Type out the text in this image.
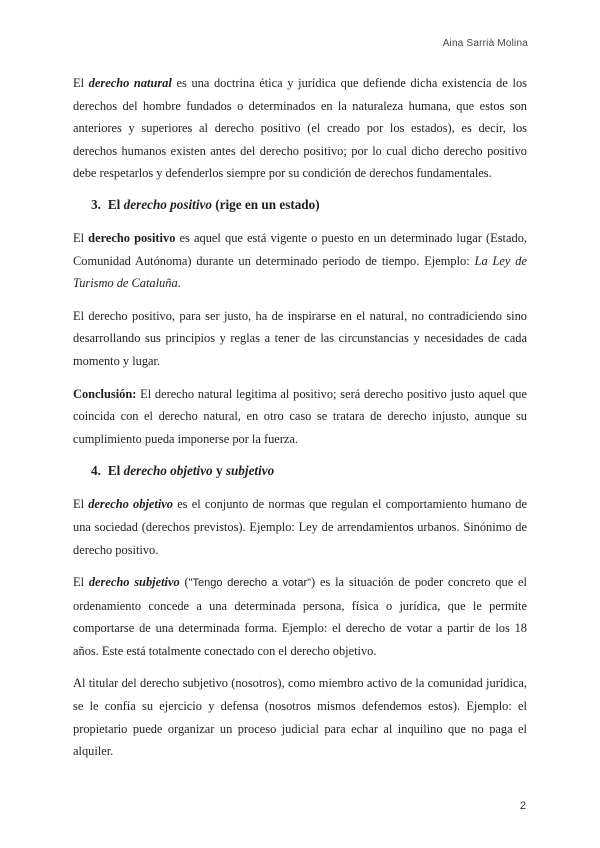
Aina Sarrià Molina

El derecho natural es una doctrina ética y jurídica que defiende dicha existencia de los derechos del hombre fundados o determinados en la naturaleza humana, que estos son anteriores y superiores al derecho positivo (el creado por los estados), es decir, los derechos humanos existen antes del derecho positivo; por lo cual dicho derecho positivo debe respetarlos y defenderlos siempre por su condición de derechos fundamentales.

3. El derecho positivo (rige en un estado)

El derecho positivo es aquel que está vigente o puesto en un determinado lugar (Estado, Comunidad Autónoma) durante un determinado periodo de tiempo. Ejemplo: La Ley de Turismo de Cataluña.

El derecho positivo, para ser justo, ha de inspirarse en el natural, no contradiciendo sino desarrollando sus principios y reglas a tener de las circunstancias y necesidades de cada momento y lugar.

Conclusión: El derecho natural legitima al positivo; será derecho positivo justo aquel que coincida con el derecho natural, en otro caso se tratara de derecho injusto, aunque su cumplimiento pueda imponerse por la fuerza.

4. El derecho objetivo y subjetivo

El derecho objetivo es el conjunto de normas que regulan el comportamiento humano de una sociedad (derechos previstos). Ejemplo: Ley de arrendamientos urbanos. Sinónimo de derecho positivo.

El derecho subjetivo ("Tengo derecho a votar") es la situación de poder concreto que el ordenamiento concede a una determinada persona, física o jurídica, que le permite comportarse de una determinada forma. Ejemplo: el derecho de votar a partir de los 18 años. Este está totalmente conectado con el derecho objetivo.

Al titular del derecho subjetivo (nosotros), como miembro activo de la comunidad jurídica, se le confía su ejercicio y defensa (nosotros mismos defendemos estos). Ejemplo: el propietario puede organizar un proceso judicial para echar al inquilino que no paga el alquiler.

2
